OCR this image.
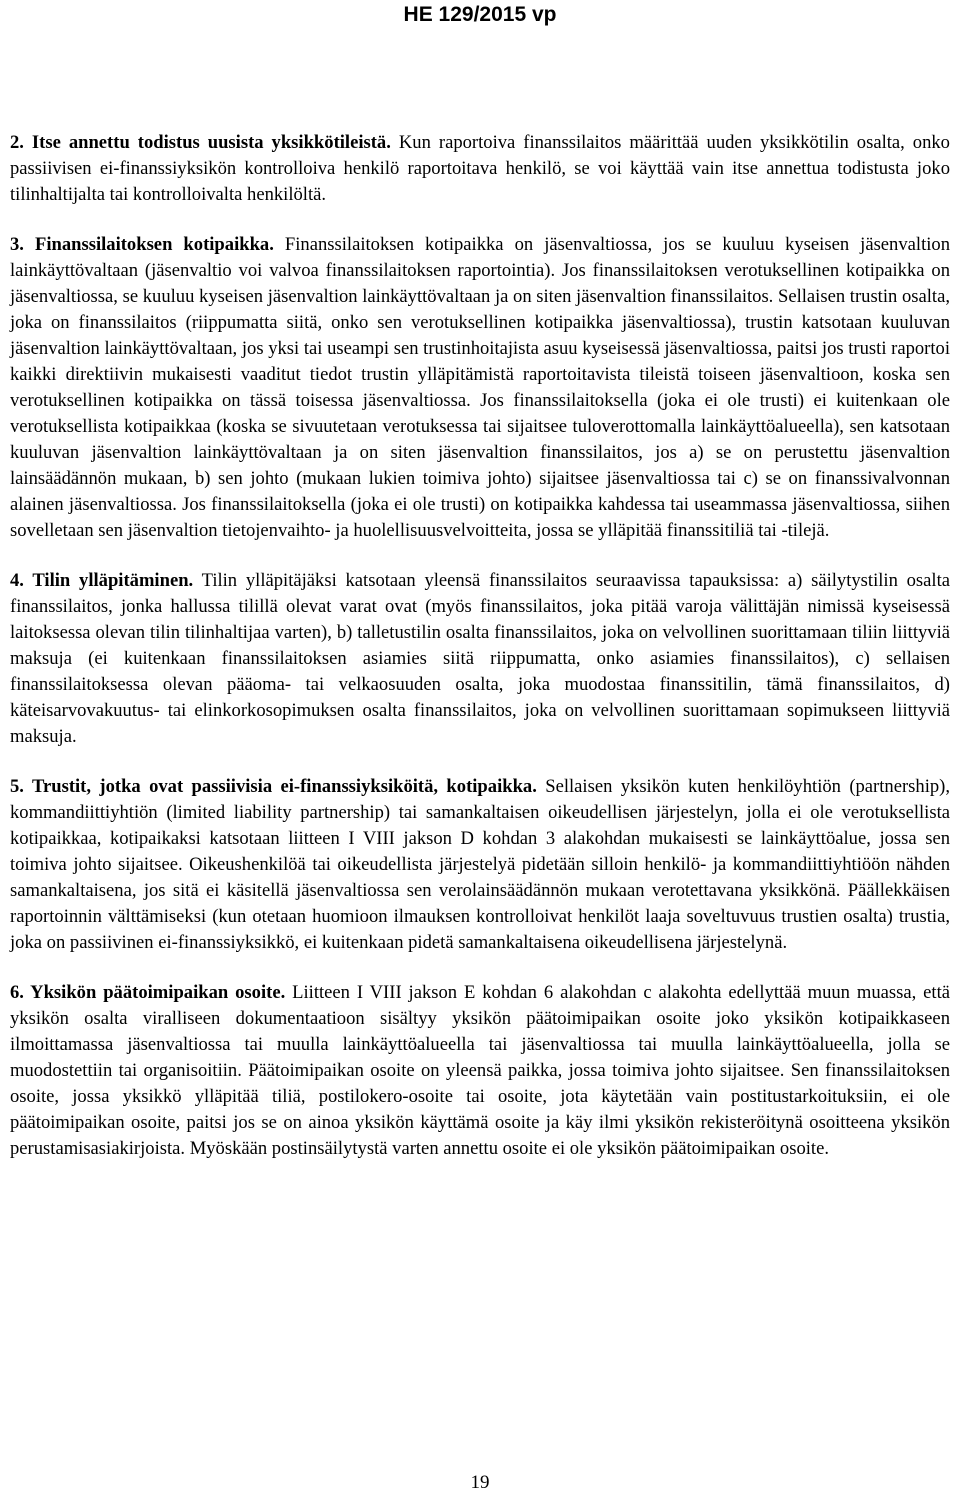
HE 129/2015 vp

2. Itse annettu todistus uusista yksikkötileistä. Kun raportoiva finanssilaitos määrittää uuden yksikkötilin osalta, onko passiivisen ei-finanssiyksikön kontrolloiva henkilö raportoitava henkilö, se voi käyttää vain itse annettua todistusta joko tilinhaltijalta tai kontrolloivalta henkilöltä.

3. Finanssilaitoksen kotipaikka. Finanssilaitoksen kotipaikka on jäsenvaltiossa, jos se kuuluu kyseisen jäsenvaltion lainkäyttövaltaan (jäsenvaltio voi valvoa finanssilaitoksen raportointia). Jos finanssilaitoksen verotuksellinen kotipaikka on jäsenvaltiossa, se kuuluu kyseisen jäsenvaltion lainkäyttövaltaan ja on siten jäsenvaltion finanssilaitos. Sellaisen trustin osalta, joka on finanssilaitos (riippumatta siitä, onko sen verotuksellinen kotipaikka jäsenvaltiossa), trustin katsotaan kuuluvan jäsenvaltion lainkäyttövaltaan, jos yksi tai useampi sen trustinhoitajista asuu kyseisessä jäsenvaltiossa, paitsi jos trusti raportoi kaikki direktiivin mukaisesti vaaditut tiedot trustin ylläpitämistä raportoitavista tileistä toiseen jäsenvaltioon, koska sen verotuksellinen kotipaikka on tässä toisessa jäsenvaltiossa. Jos finanssilaitoksella (joka ei ole trusti) ei kuitenkaan ole verotuksellista kotipaikkaa (koska se sivuutetaan verotuksessa tai sijaitsee tuloverottomalla lainkäyttöalueella), sen katsotaan kuuluvan jäsenvaltion lainkäyttövaltaan ja on siten jäsenvaltion finanssilaitos, jos a) se on perustettu jäsenvaltion lainsäädännön mukaan, b) sen johto (mukaan lukien toimiva johto) sijaitsee jäsenvaltiossa tai c) se on finanssivalvonnan alainen jäsenvaltiossa. Jos finanssilaitoksella (joka ei ole trusti) on kotipaikka kahdessa tai useammassa jäsenvaltiossa, siihen sovelletaan sen jäsenvaltion tietojenvaihto- ja huolellisuusvelvoitteita, jossa se ylläpitää finanssitiliä tai -tilejä.

4. Tilin ylläpitäminen. Tilin ylläpitäjäksi katsotaan yleensä finanssilaitos seuraavissa tapauksissa: a) säilytystilin osalta finanssilaitos, jonka hallussa tilillä olevat varat ovat (myös finanssilaitos, joka pitää varoja välittäjän nimissä kyseisessä laitoksessa olevan tilin tilinhaltijaa varten), b) talletustilin osalta finanssilaitos, joka on velvollinen suorittamaan tiliin liittyviä maksuja (ei kuitenkaan finanssilaitoksen asiamies siitä riippumatta, onko asiamies finanssilaitos), c) sellaisen finanssilaitoksessa olevan pääoma- tai velkaosuuden osalta, joka muodostaa finanssitilin, tämä finanssilaitos, d) käteisarvovakuutus- tai elinkorkosopimuksen osalta finanssilaitos, joka on velvollinen suorittamaan sopimukseen liittyviä maksuja.

5. Trustit, jotka ovat passiivisia ei-finanssiyksiköitä, kotipaikka. Sellaisen yksikön kuten henkilöyhtiön (partnership), kommandiittiyhtiön (limited liability partnership) tai samankaltaisen oikeudellisen järjestelyn, jolla ei ole verotuksellista kotipaikkaa, kotipaikaksi katsotaan liitteen I VIII jakson D kohdan 3 alakohdan mukaisesti se lainkäyttöalue, jossa sen toimiva johto sijaitsee. Oikeushenkilöä tai oikeudellista järjestelyä pidetään silloin henkilö- ja kommandiittiyhtiöön nähden samankaltaisena, jos sitä ei käsitellä jäsenvaltiossa sen verolainsäädännön mukaan verotettavana yksikkönä. Päällekkäisen raportoinnin välttämiseksi (kun otetaan huomioon ilmauksen kontrolloivat henkilöt laaja soveltuvuus trustien osalta) trustia, joka on passiivinen ei-finanssiyksikkö, ei kuitenkaan pidetä samankaltaisena oikeudellisena järjestelynä.

6. Yksikön päätoimipaikan osoite. Liitteen I VIII jakson E kohdan 6 alakohdan c alakohta edellyttää muun muassa, että yksikön osalta viralliseen dokumentaatioon sisältyy yksikön päätoimipaikan osoite joko yksikön kotipaikkaseen ilmoittamassa jäsenvaltiossa tai muulla lainkäyttöalueella tai jäsenvaltiossa tai muulla lainkäyttöalueella, jolla se muodostettiin tai organisoitiin. Päätoimipaikan osoite on yleensä paikka, jossa toimiva johto sijaitsee. Sen finanssilaitoksen osoite, jossa yksikkö ylläpitää tiliä, postilokero-osoite tai osoite, jota käytetään vain postitustarkoituksiin, ei ole päätoimipaikan osoite, paitsi jos se on ainoa yksikön käyttämä osoite ja käy ilmi yksikön rekisteröitynä osoitteena yksikön perustamisasiakirjoista. Myöskään postinsäilytystä varten annettu osoite ei ole yksikön päätoimipaikan osoite.

19
